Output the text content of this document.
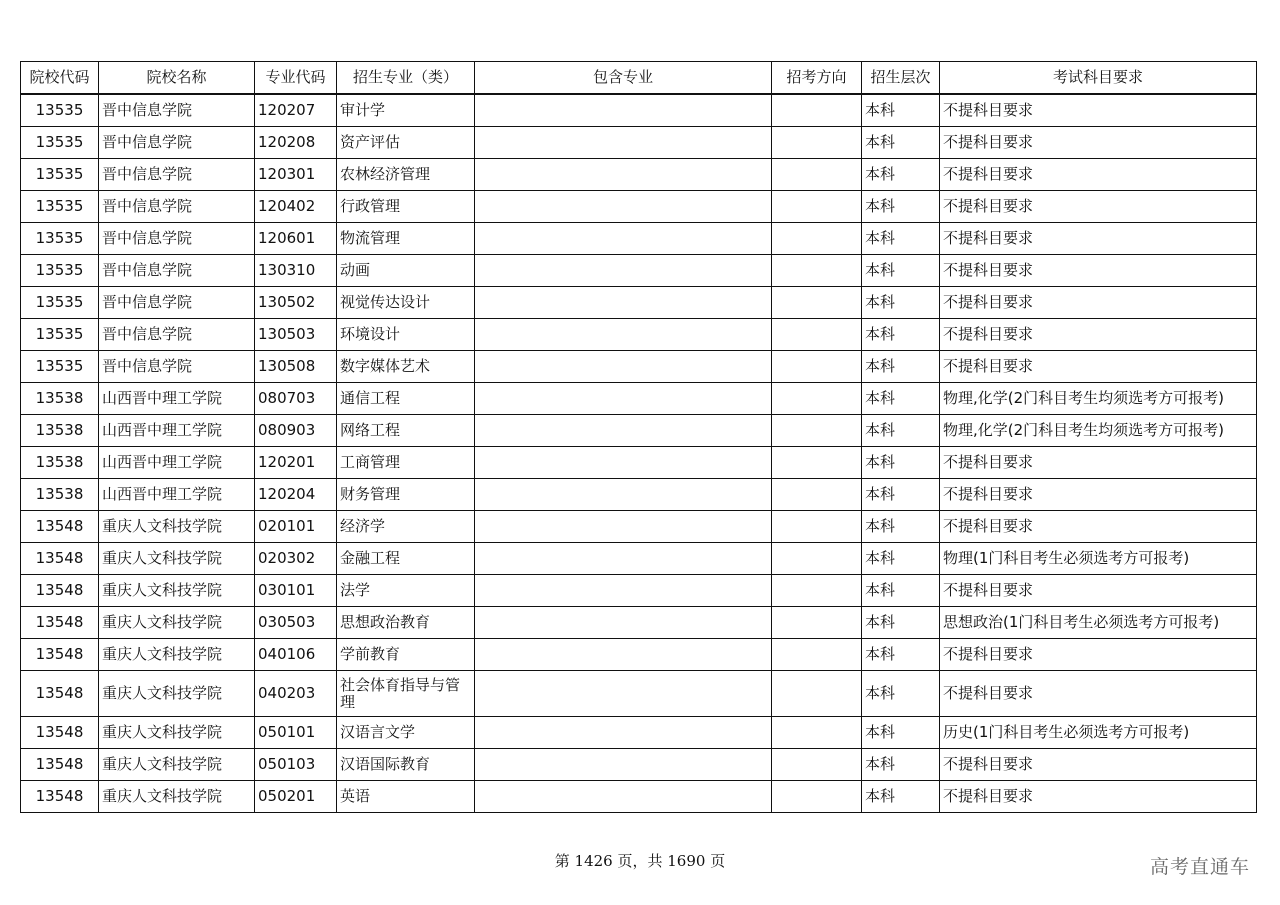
院校代码	院校名称	专业代码	招生专业（类）	包含专业	招考方向	招生层次	考试科目要求
13535	晋中信息学院	120207	审计学			本科	不提科目要求
13535	晋中信息学院	120208	资产评估			本科	不提科目要求
13535	晋中信息学院	120301	农林经济管理			本科	不提科目要求
13535	晋中信息学院	120402	行政管理			本科	不提科目要求
13535	晋中信息学院	120601	物流管理			本科	不提科目要求
13535	晋中信息学院	130310	动画			本科	不提科目要求
13535	晋中信息学院	130502	视觉传达设计			本科	不提科目要求
13535	晋中信息学院	130503	环境设计			本科	不提科目要求
13535	晋中信息学院	130508	数字媒体艺术			本科	不提科目要求
13538	山西晋中理工学院	080703	通信工程			本科	物理,化学(2门科目考生均须选考方可报考)
13538	山西晋中理工学院	080903	网络工程			本科	物理,化学(2门科目考生均须选考方可报考)
13538	山西晋中理工学院	120201	工商管理			本科	不提科目要求
13538	山西晋中理工学院	120204	财务管理			本科	不提科目要求
13548	重庆人文科技学院	020101	经济学			本科	不提科目要求
13548	重庆人文科技学院	020302	金融工程			本科	物理(1门科目考生必须选考方可报考)
13548	重庆人文科技学院	030101	法学			本科	不提科目要求
13548	重庆人文科技学院	030503	思想政治教育			本科	思想政治(1门科目考生必须选考方可报考)
13548	重庆人文科技学院	040106	学前教育			本科	不提科目要求
13548	重庆人文科技学院	040203	社会体育指导与管理			本科	不提科目要求
13548	重庆人文科技学院	050101	汉语言文学			本科	历史(1门科目考生必须选考方可报考)
13548	重庆人文科技学院	050103	汉语国际教育			本科	不提科目要求
13548	重庆人文科技学院	050201	英语			本科	不提科目要求
第 1426 页，共 1690 页	高考直通车
